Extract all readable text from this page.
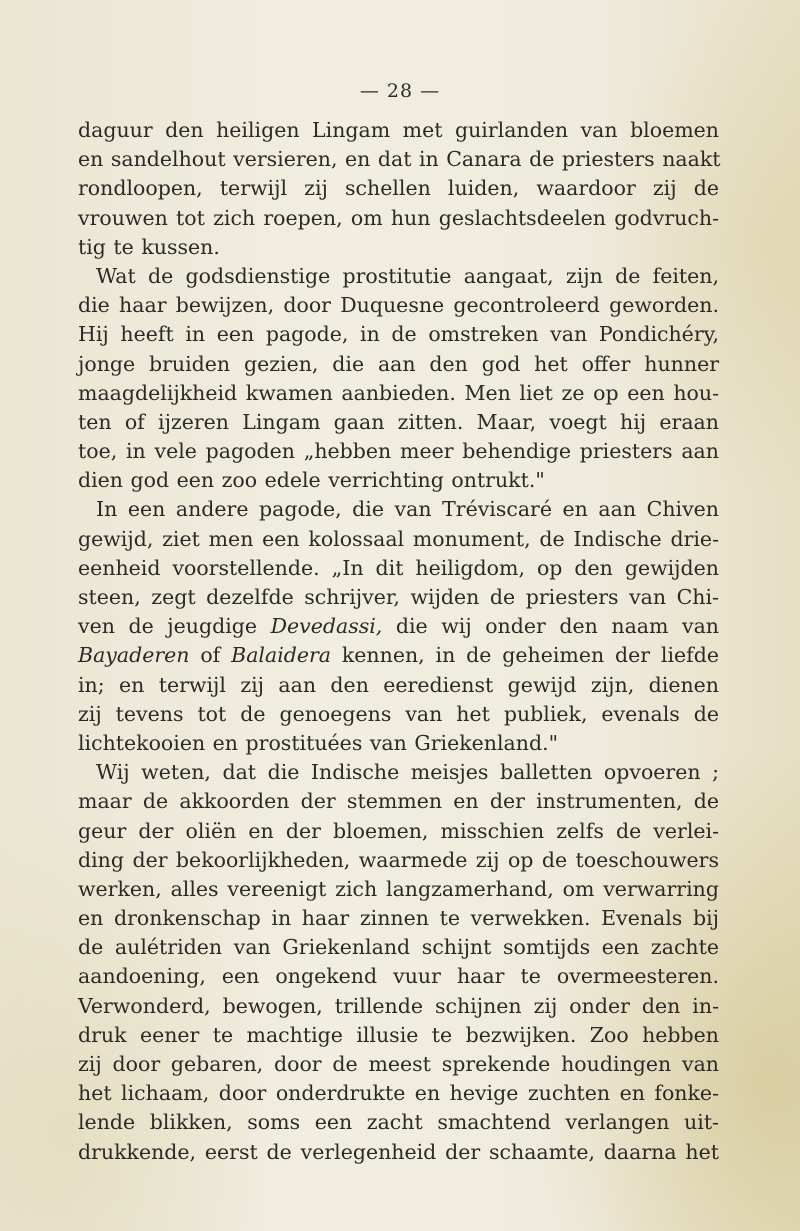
— 28 —
daguur den heiligen Lingam met guirlanden van bloemen
en sandelhout versieren, en dat in Canara de priesters naakt
rondloopen, terwijl zij schellen luiden, waardoor zij de
vrouwen tot zich roepen, om hun geslachtsdeelen godvruch-
tig te kussen.
Wat de godsdienstige prostitutie aangaat, zijn de feiten,
die haar bewijzen, door Duquesne gecontroleerd geworden.
Hij heeft in een pagode, in de omstreken van Pondichéry,
jonge bruiden gezien, die aan den god het offer hunner
maagdelijkheid kwamen aanbieden. Men liet ze op een hou-
ten of ijzeren Lingam gaan zitten. Maar, voegt hij eraan
toe, in vele pagoden „hebben meer behendige priesters aan
dien god een zoo edele verrichting ontrukt."
In een andere pagode, die van Tréviscaré en aan Chiven
gewijd, ziet men een kolossaal monument, de Indische drie-
eenheid voorstellende. „In dit heiligdom, op den gewijden
steen, zegt dezelfde schrijver, wijden de priesters van Chi-
ven de jeugdige Devedassi, die wij onder den naam van
Bayaderen of Balaidera kennen, in de geheimen der liefde
in; en terwijl zij aan den eeredienst gewijd zijn, dienen
zij tevens tot de genoegens van het publiek, evenals de
lichtekooien en prostituées van Griekenland."
Wij weten, dat die Indische meisjes balletten opvoeren ;
maar de akkoorden der stemmen en der instrumenten, de
geur der oliën en der bloemen, misschien zelfs de verlei-
ding der bekoorlijkheden, waarmede zij op de toeschouwers
werken, alles vereenigt zich langzamerhand, om verwarring
en dronkenschap in haar zinnen te verwekken. Evenals bij
de aulétriden van Griekenland schijnt somtijds een zachte
aandoening, een ongekend vuur haar te overmeesteren.
Verwonderd, bewogen, trillende schijnen zij onder den in-
druk eener te machtige illusie te bezwijken. Zoo hebben
zij door gebaren, door de meest sprekende houdingen van
het lichaam, door onderdrukte en hevige zuchten en fonke-
lende blikken, soms een zacht smachtend verlangen uit-
drukkende, eerst de verlegenheid der schaamte, daarna het
